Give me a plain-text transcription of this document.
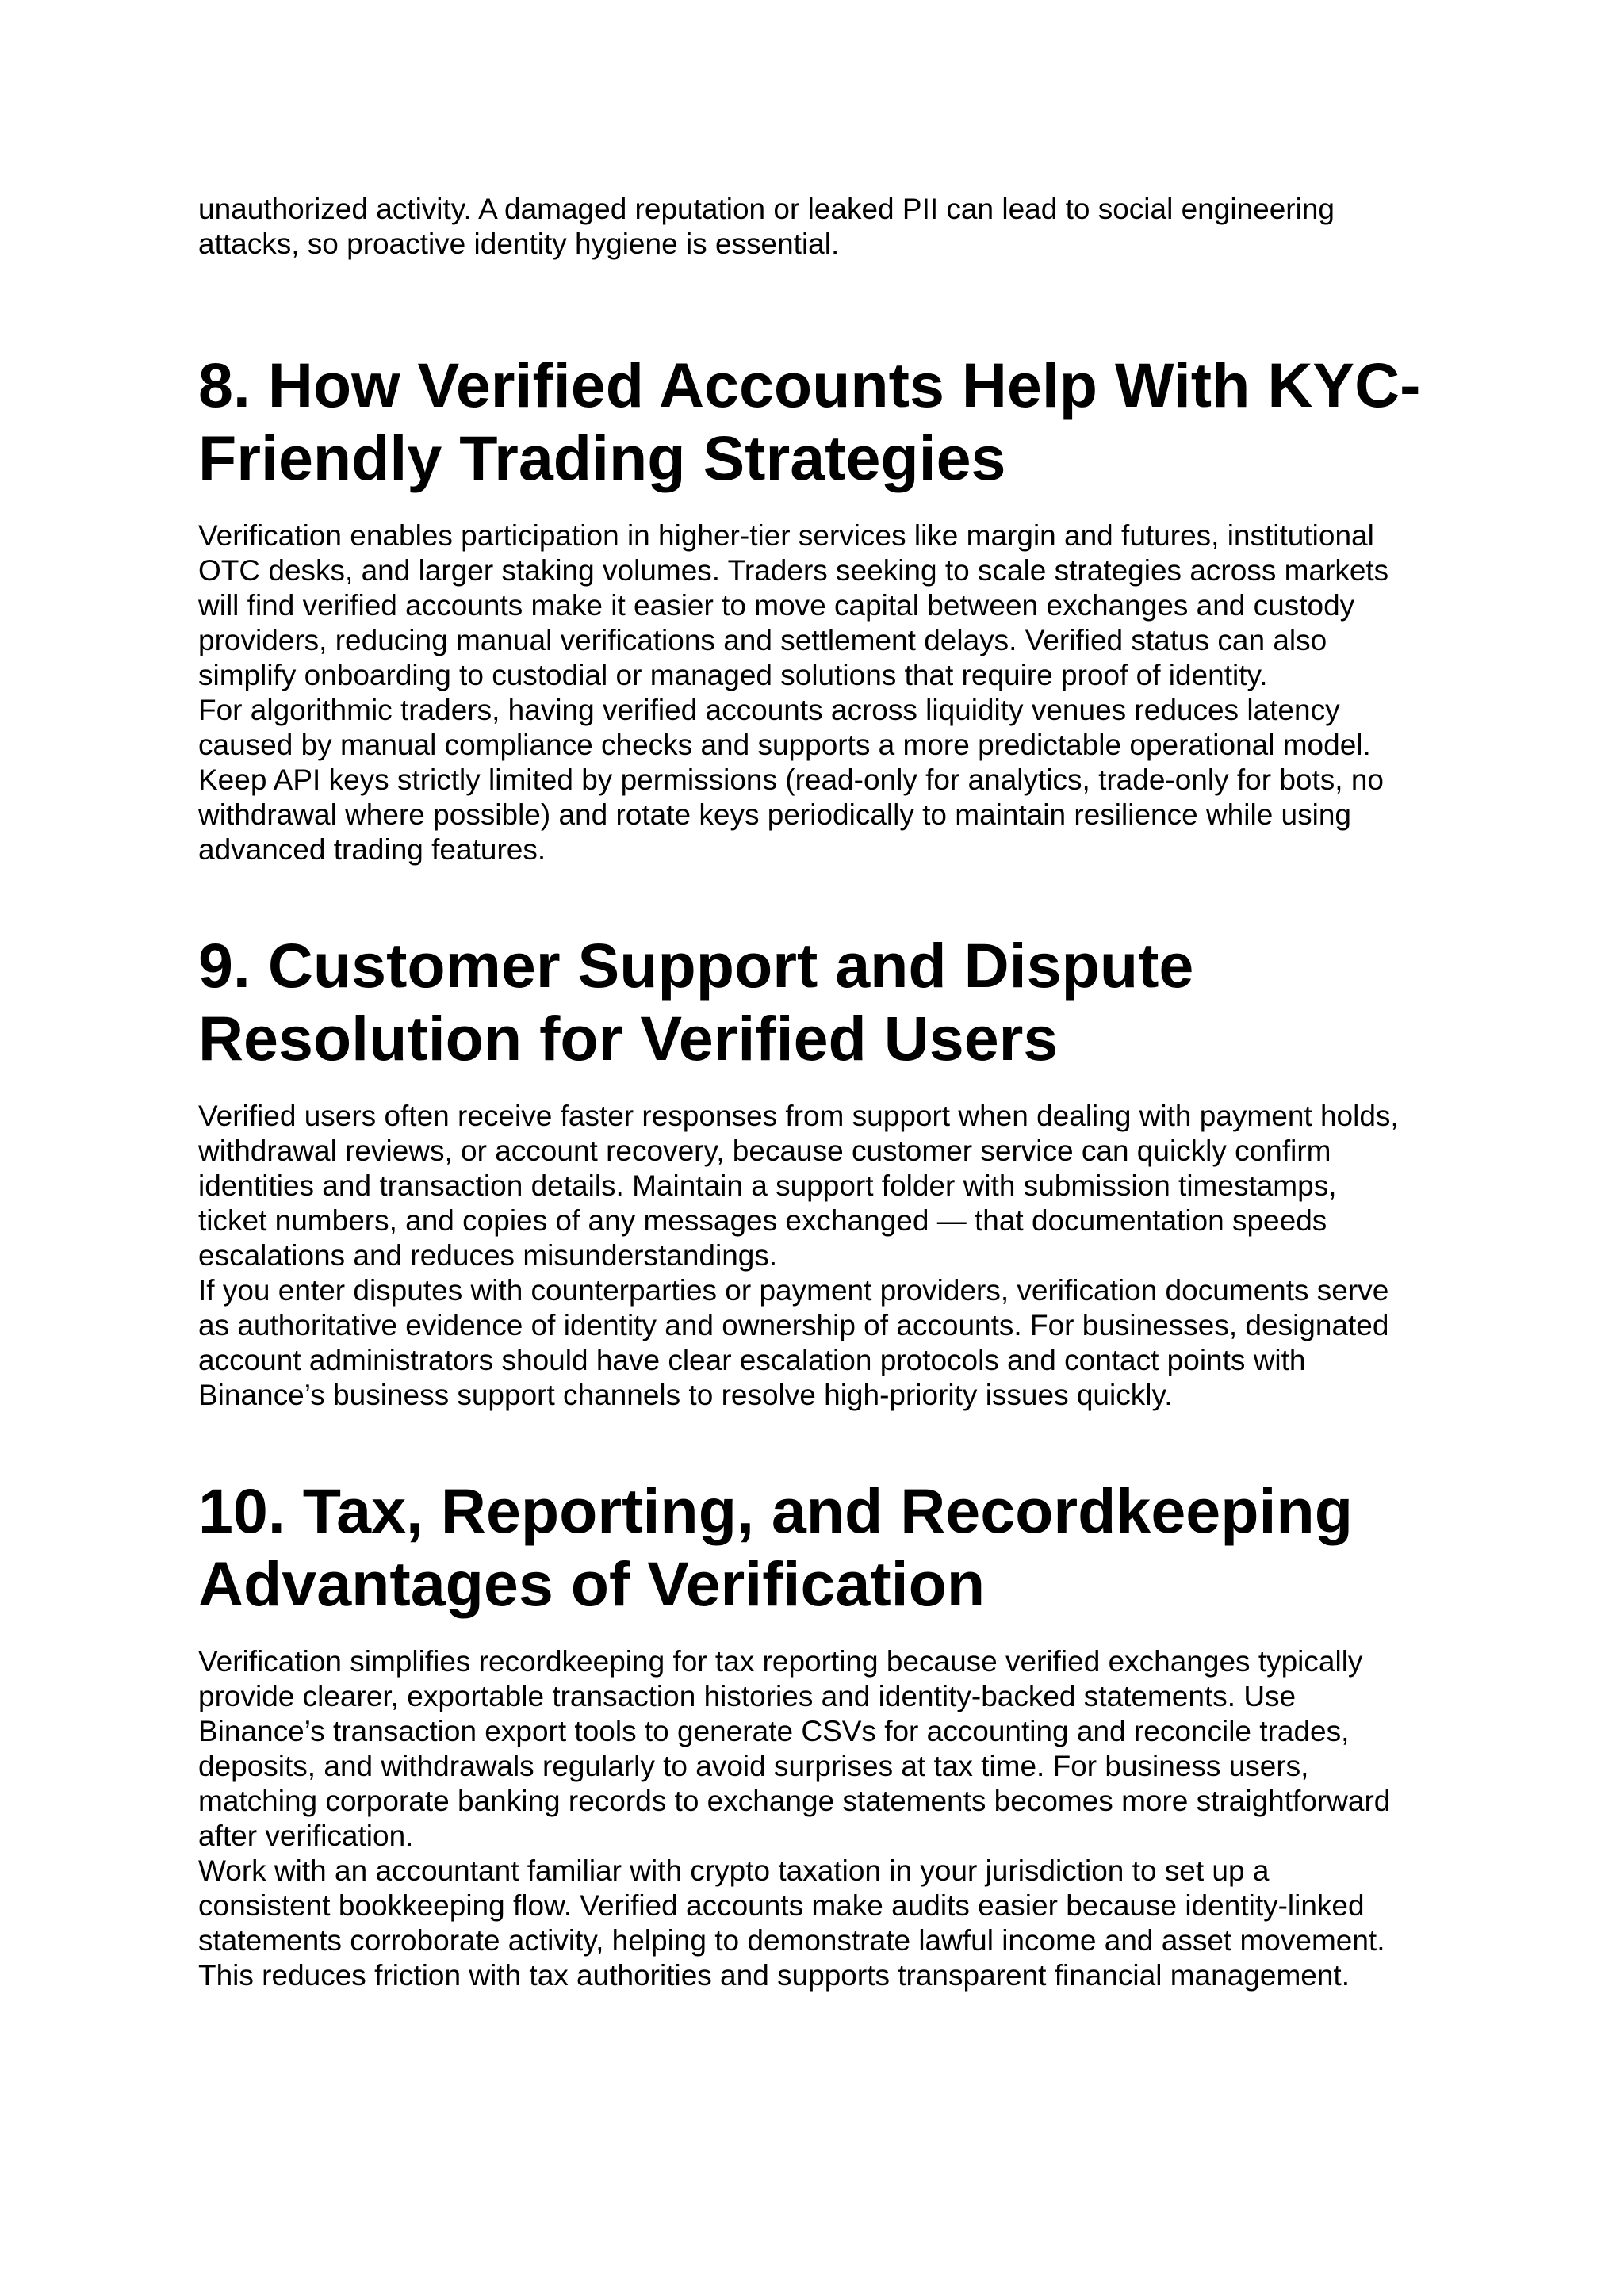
unauthorized activity. A damaged reputation or leaked PII can lead to social engineering
attacks, so proactive identity hygiene is essential.

8. How Verified Accounts Help With KYC-
Friendly Trading Strategies

Verification enables participation in higher-tier services like margin and futures, institutional
OTC desks, and larger staking volumes. Traders seeking to scale strategies across markets
will find verified accounts make it easier to move capital between exchanges and custody
providers, reducing manual verifications and settlement delays. Verified status can also
simplify onboarding to custodial or managed solutions that require proof of identity.
For algorithmic traders, having verified accounts across liquidity venues reduces latency
caused by manual compliance checks and supports a more predictable operational model.
Keep API keys strictly limited by permissions (read-only for analytics, trade-only for bots, no
withdrawal where possible) and rotate keys periodically to maintain resilience while using
advanced trading features.

9. Customer Support and Dispute
Resolution for Verified Users

Verified users often receive faster responses from support when dealing with payment holds,
withdrawal reviews, or account recovery, because customer service can quickly confirm
identities and transaction details. Maintain a support folder with submission timestamps,
ticket numbers, and copies of any messages exchanged — that documentation speeds
escalations and reduces misunderstandings.
If you enter disputes with counterparties or payment providers, verification documents serve
as authoritative evidence of identity and ownership of accounts. For businesses, designated
account administrators should have clear escalation protocols and contact points with
Binance’s business support channels to resolve high-priority issues quickly.

10. Tax, Reporting, and Recordkeeping
Advantages of Verification

Verification simplifies recordkeeping for tax reporting because verified exchanges typically
provide clearer, exportable transaction histories and identity-backed statements. Use
Binance’s transaction export tools to generate CSVs for accounting and reconcile trades,
deposits, and withdrawals regularly to avoid surprises at tax time. For business users,
matching corporate banking records to exchange statements becomes more straightforward
after verification.
Work with an accountant familiar with crypto taxation in your jurisdiction to set up a
consistent bookkeeping flow. Verified accounts make audits easier because identity-linked
statements corroborate activity, helping to demonstrate lawful income and asset movement.
This reduces friction with tax authorities and supports transparent financial management.
